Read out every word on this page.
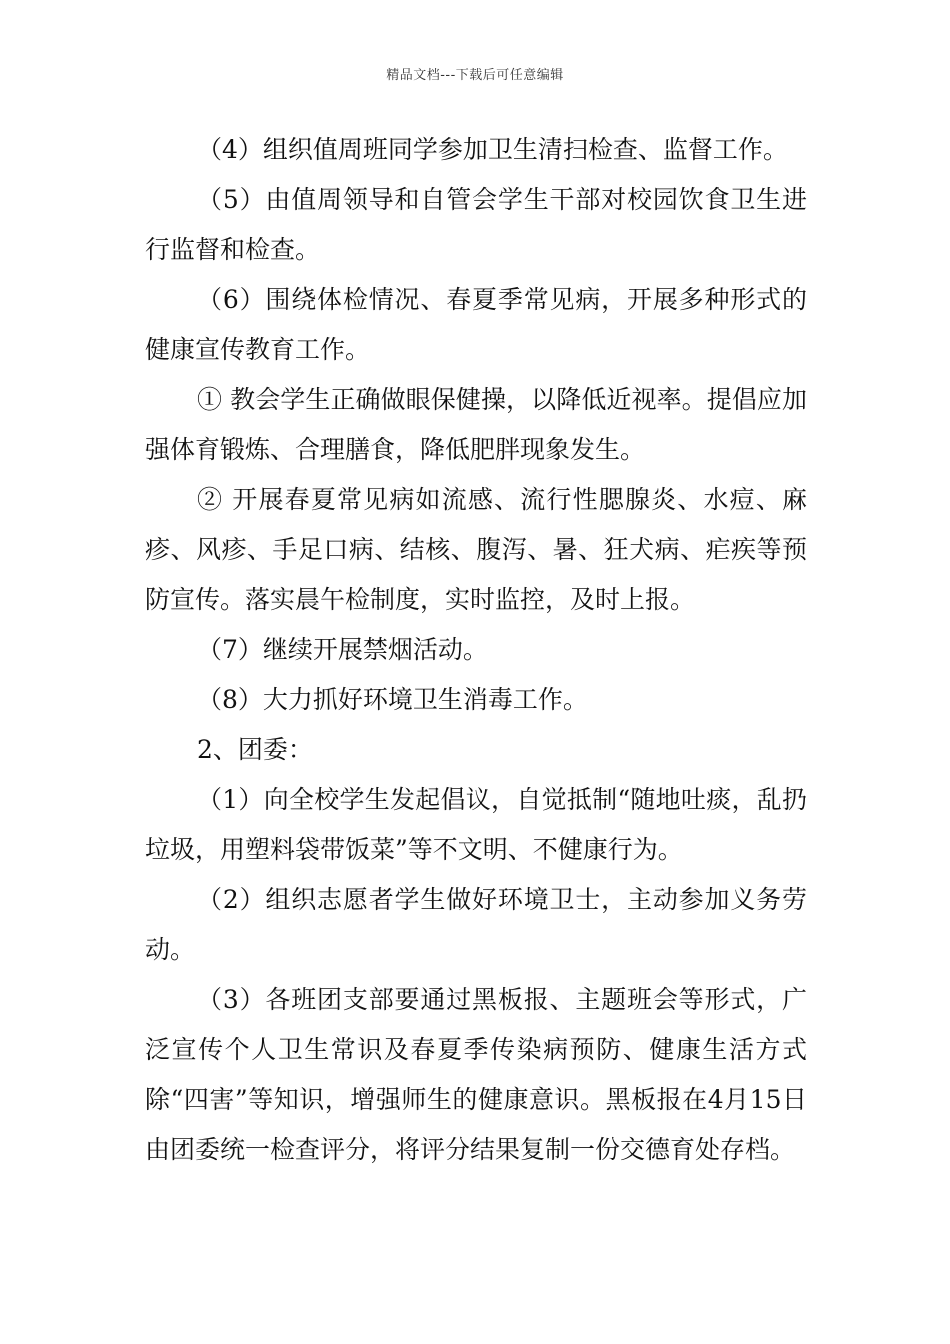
精品文档---下载后可任意编辑

（4）组织值周班同学参加卫生清扫检查、监督工作。

（5）由值周领导和自管会学生干部对校园饮食卫生进行监督和检查。

（6）围绕体检情况、春夏季常见病，开展多种形式的健康宣传教育工作。

① 教会学生正确做眼保健操，以降低近视率。提倡应加强体育锻炼、合理膳食，降低肥胖现象发生。

② 开展春夏常见病如流感、流行性腮腺炎、水痘、麻疹、风疹、手足口病、结核、腹泻、暑、狂犬病、疟疾等预防宣传。落实晨午检制度，实时监控，及时上报。

（7）继续开展禁烟活动。

（8）大力抓好环境卫生消毒工作。

2、团委：

（1）向全校学生发起倡议，自觉抵制“随地吐痰，乱扔垃圾，用塑料袋带饭菜”等不文明、不健康行为。

（2）组织志愿者学生做好环境卫士，主动参加义务劳动。

（3）各班团支部要通过黑板报、主题班会等形式，广泛宣传个人卫生常识及春夏季传染病预防、健康生活方式除“四害”等知识，增强师生的健康意识。黑板报在4月15日由团委统一检查评分，将评分结果复制一份交德育处存档。
